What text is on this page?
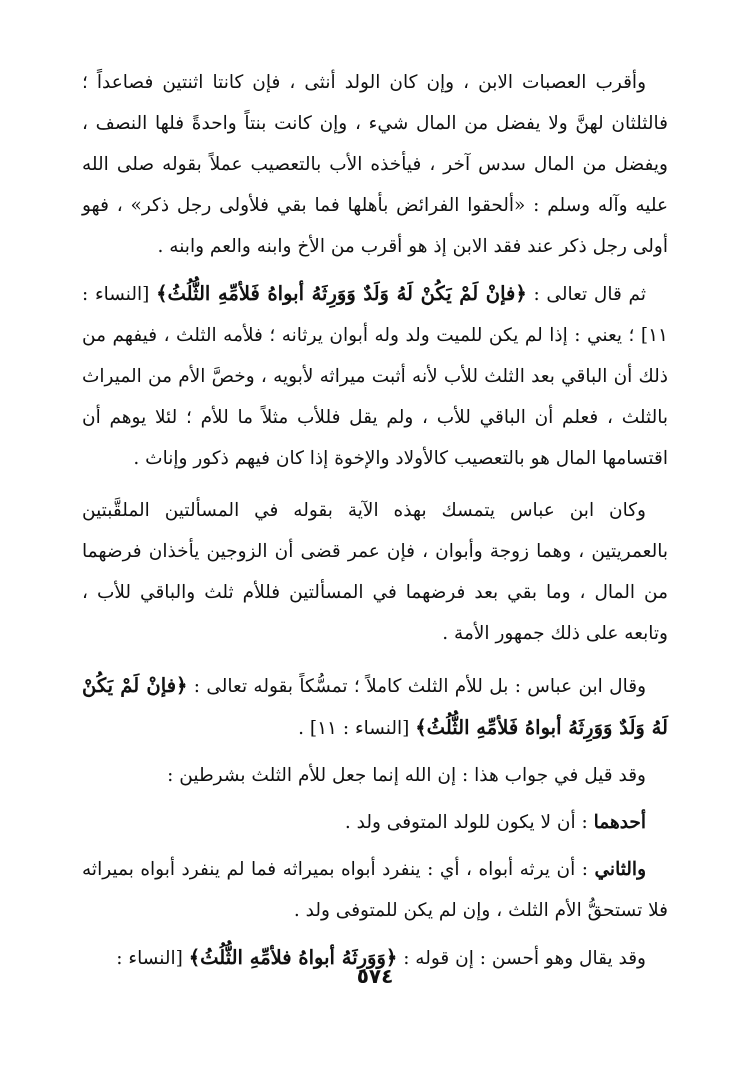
وأقرب العصبات الابن ، وإن كان الولد أنثى ، فإن كانتا اثنتين فصاعداً ؛ فالثلثان لهنَّ ولا يفضل من المال شيء ، وإن كانت بنتاً واحدةً فلها النصف ، ويفضل من المال سدس آخر ، فيأخذه الأب بالتعصيب عملاً بقوله صلى الله عليه وآله وسلم : «ألحقوا الفرائض بأهلها فما بقي فلأولى رجل ذكر» ، فهو أولى رجل ذكر عند فقد الابن إذ هو أقرب من الأخ وابنه والعم وابنه .

ثم قال تعالى : ﴿فإنْ لَمْ يَكُنْ لَهُ وَلَدٌ وَوَرِثَهُ أبواهُ فَلأمِّهِ الثُّلُثُ﴾ [النساء : ١١] ؛ يعني : إذا لم يكن للميت ولد وله أبوان يرثانه ؛ فلأمه الثلث ، فيفهم من ذلك أن الباقي بعد الثلث للأب لأنه أثبت ميراثه لأبويه ، وخصَّ الأم من الميراث بالثلث ، فعلم أن الباقي للأب ، ولم يقل فللأب مثلاً ما للأم ؛ لئلا يوهم أن اقتسامها المال هو بالتعصيب كالأولاد والإخوة إذا كان فيهم ذكور وإناث .

وكان ابن عباس يتمسك بهذه الآية بقوله في المسألتين الملقَّبتين بالعمريتين ، وهما زوجة وأبوان ، فإن عمر قضى أن الزوجين يأخذان فرضهما من المال ، وما بقي بعد فرضهما في المسألتين فللأم ثلث والباقي للأب ، وتابعه على ذلك جمهور الأمة .

وقال ابن عباس : بل للأم الثلث كاملاً ؛ تمسُّكاً بقوله تعالى : ﴿فإنْ لَمْ يَكُنْ لَهُ وَلَدٌ وَوَرِثَهُ أبواهُ فَلأمِّهِ الثُّلُثُ﴾ [النساء : ١١] .

وقد قيل في جواب هذا : إن الله إنما جعل للأم الثلث بشرطين :

أحدهما : أن لا يكون للولد المتوفى ولد .

والثاني : أن يرثه أبواه ، أي : ينفرد أبواه بميراثه فما لم ينفرد أبواه بميراثه فلا تستحقُّ الأم الثلث ، وإن لم يكن للمتوفى ولد .

وقد يقال وهو أحسن : إن قوله : ﴿وَوَرِثَهُ أبواهُ فلأمِّهِ الثُّلُثُ﴾ [النساء :

٥٧٤
